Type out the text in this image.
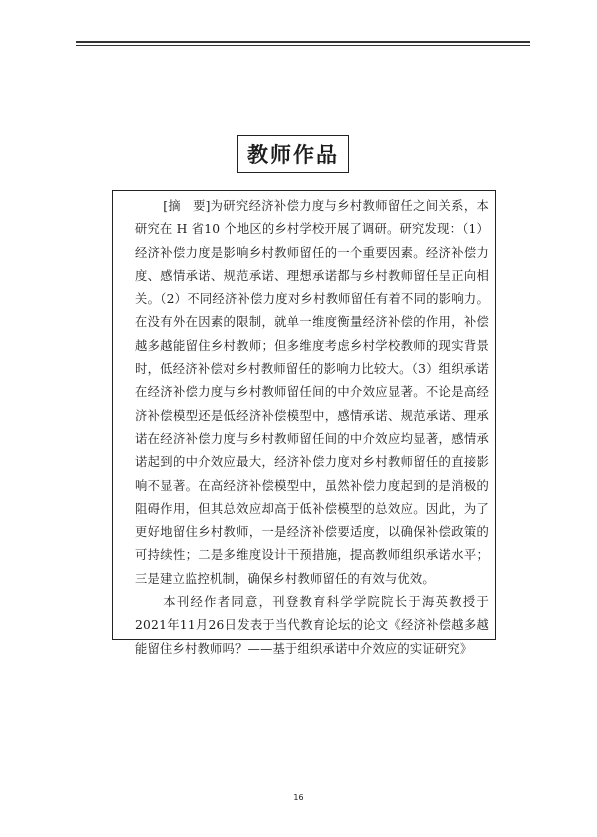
教师作品

[摘　要]为研究经济补偿力度与乡村教师留任之间关系，本研究在 H 省10 个地区的乡村学校开展了调研。研究发现：（1）经济补偿力度是影响乡村教师留任的一个重要因素。经济补偿力度、感情承诺、规范承诺、理想承诺都与乡村教师留任呈正向相关。（2）不同经济补偿力度对乡村教师留任有着不同的影响力。在没有外在因素的限制，就单一维度衡量经济补偿的作用，补偿越多越能留住乡村教师；但多维度考虑乡村学校教师的现实背景时，低经济补偿对乡村教师留任的影响力比较大。（3）组织承诺在经济补偿力度与乡村教师留任间的中介效应显著。不论是高经济补偿模型还是低经济补偿模型中，感情承诺、规范承诺、理承诺在经济补偿力度与乡村教师留任间的中介效应均显著，感情承诺起到的中介效应最大，经济补偿力度对乡村教师留任的直接影响不显著。在高经济补偿模型中，虽然补偿力度起到的是消极的阻碍作用，但其总效应却高于低补偿模型的总效应。因此，为了更好地留住乡村教师，一是经济补偿要适度，以确保补偿政策的可持续性；二是多维度设计干预措施，提高教师组织承诺水平；三是建立监控机制，确保乡村教师留任的有效与优效。

本刊经作者同意，刊登教育科学学院院长于海英教授于2021年11月26日发表于当代教育论坛的论文《经济补偿越多越能留住乡村教师吗？——基于组织承诺中介效应的实证研究》

16
